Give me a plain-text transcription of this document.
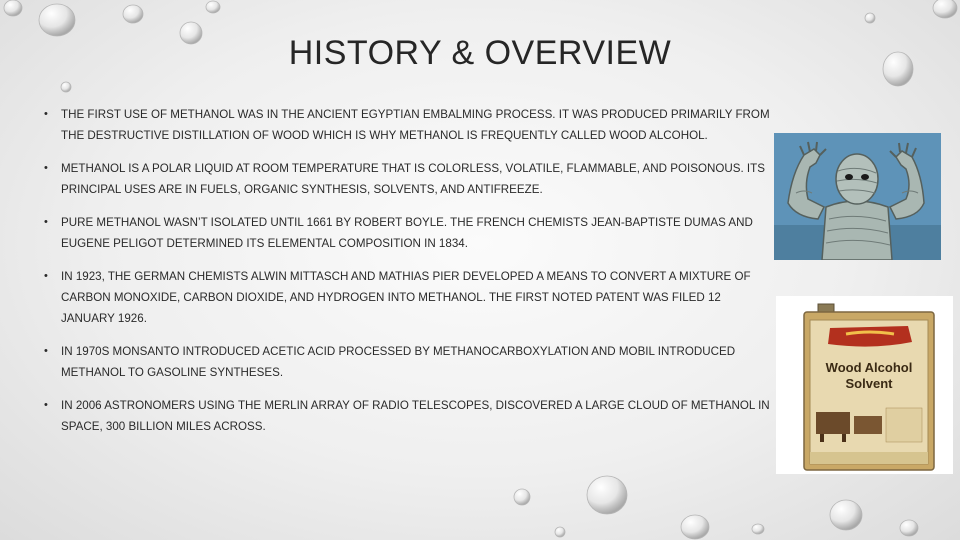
HISTORY & OVERVIEW
• THE FIRST USE OF METHANOL WAS IN THE ANCIENT EGYPTIAN EMBALMING PROCESS. IT WAS PRODUCED PRIMARILY FROM THE DESTRUCTIVE DISTILLATION OF WOOD WHICH IS WHY METHANOL IS FREQUENTLY CALLED WOOD ALCOHOL.
• METHANOL IS A POLAR LIQUID AT ROOM TEMPERATURE THAT IS COLORLESS, VOLATILE, FLAMMABLE, AND POISONOUS. ITS PRINCIPAL USES ARE IN FUELS, ORGANIC SYNTHESIS, SOLVENTS, AND ANTIFREEZE.
• PURE METHANOL WASN’T ISOLATED UNTIL 1661 BY ROBERT BOYLE. THE FRENCH CHEMISTS JEAN-BAPTISTE DUMAS AND EUGENE PELIGOT DETERMINED ITS ELEMENTAL COMPOSITION IN 1834.
• IN 1923, THE GERMAN CHEMISTS ALWIN MITTASCH AND MATHIAS PIER DEVELOPED A MEANS TO CONVERT A MIXTURE OF CARBON MONOXIDE, CARBON DIOXIDE, AND HYDROGEN INTO METHANOL. THE FIRST NOTED PATENT WAS FILED 12 JANUARY 1926.
• IN 1970S MONSANTO INTRODUCED ACETIC ACID PROCESSED BY METHANOCARBOXYLATION AND MOBIL INTRODUCED METHANOL TO GASOLINE SYNTHESES.
• IN 2006 ASTRONOMERS USING THE MERLIN ARRAY OF RADIO TELESCOPES, DISCOVERED A LARGE CLOUD OF METHANOL IN SPACE, 300 BILLION MILES ACROSS.
Wood Alcohol
Solvent
